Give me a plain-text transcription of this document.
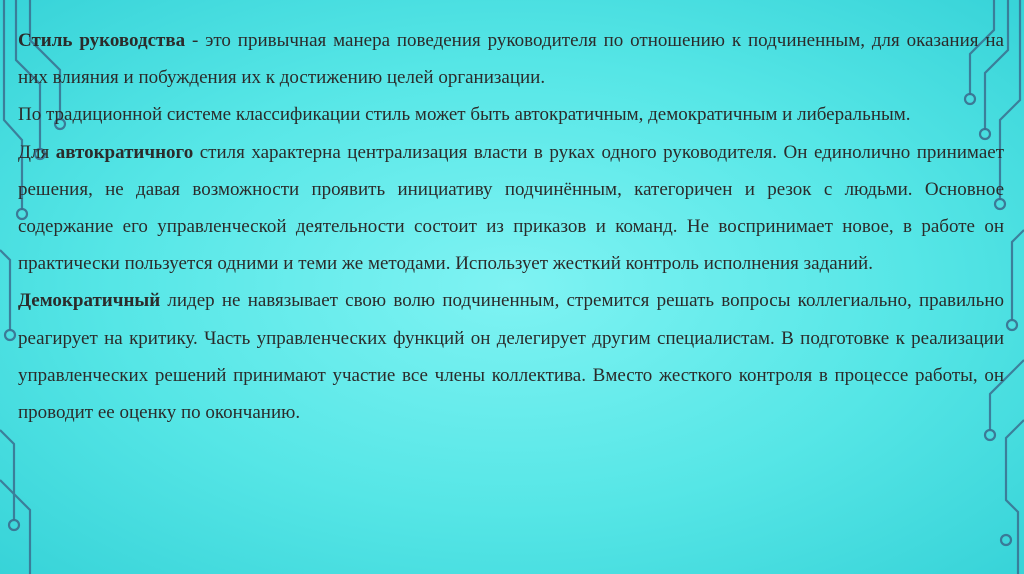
Стиль руководства - это привычная манера поведения руководителя по отношению к подчиненным, для оказания на них влияния и побуждения их к достижению целей организации.

По традиционной системе классификации стиль может быть автократичным, демократичным и либеральным.

Для автократичного стиля характерна централизация власти в руках одного руководителя. Он единолично принимает решения, не давая возможности проявить инициативу подчинённым, категоричен и резок с людьми. Основное содержание его управленческой деятельности состоит из приказов и команд. Не воспринимает новое, в работе он практически пользуется одними и теми же методами. Использует жесткий контроль исполнения заданий.

Демократичный лидер не навязывает свою волю подчиненным, стремится решать вопросы коллегиально, правильно реагирует на критику. Часть управленческих функций он делегирует другим специалистам. В подготовке к реализации управленческих решений принимают участие все члены коллектива. Вместо жесткого контроля в процессе работы, он проводит ее оценку по окончанию.
